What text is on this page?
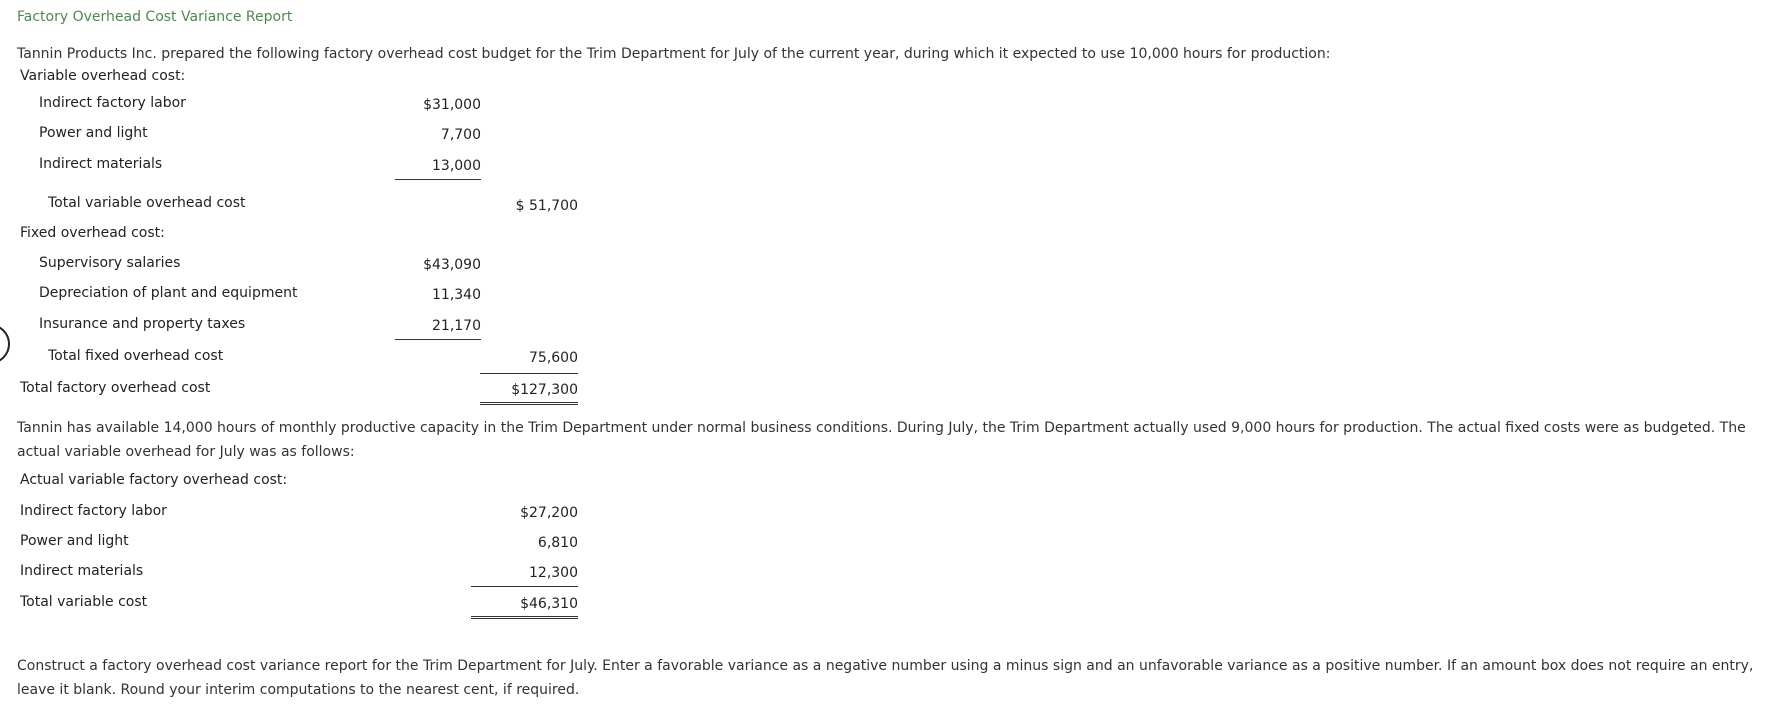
Factory Overhead Cost Variance Report
Tannin Products Inc. prepared the following factory overhead cost budget for the Trim Department for July of the current year, during which it expected to use 10,000 hours for production:
Variable overhead cost:
Indirect factory labor	$31,000
Power and light	7,700
Indirect materials	13,000
Total variable overhead cost	$ 51,700
Fixed overhead cost:
Supervisory salaries	$43,090
Depreciation of plant and equipment	11,340
Insurance and property taxes	21,170
Total fixed overhead cost	75,600
Total factory overhead cost	$127,300
Tannin has available 14,000 hours of monthly productive capacity in the Trim Department under normal business conditions. During July, the Trim Department actually used 9,000 hours for production. The actual fixed costs were as budgeted. The actual variable overhead for July was as follows:
Actual variable factory overhead cost:
Indirect factory labor	$27,200
Power and light	6,810
Indirect materials	12,300
Total variable cost	$46,310
Construct a factory overhead cost variance report for the Trim Department for July. Enter a favorable variance as a negative number using a minus sign and an unfavorable variance as a positive number. If an amount box does not require an entry, leave it blank. Round your interim computations to the nearest cent, if required.
